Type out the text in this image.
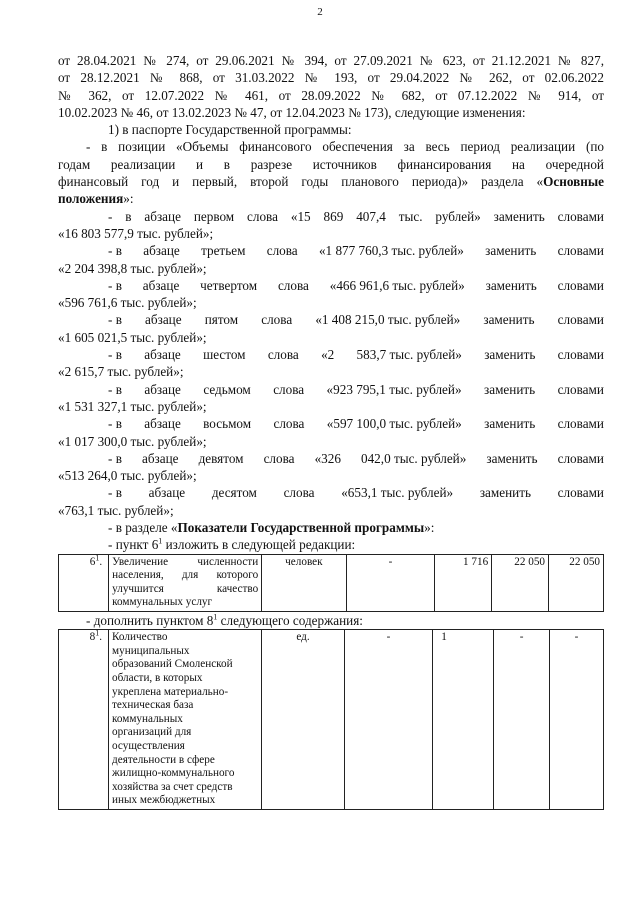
2
от 28.04.2021 № 274, от 29.06.2021 № 394, от 27.09.2021 № 623, от 21.12.2021 № 827,
от 28.12.2021 № 868, от 31.03.2022 № 193, от 29.04.2022 № 262, от 02.06.2022
№ 362, от 12.07.2022 № 461, от 28.09.2022 № 682, от 07.12.2022 № 914, от
10.02.2023 № 46, от 13.02.2023 № 47, от 12.04.2023 № 173), следующие изменения:
1) в паспорте Государственной программы:
- в позиции «Объемы финансового обеспечения за весь период реализации (по
годам реализации и в разрезе источников финансирования на очередной
финансовый год и первый, второй годы планового периода)» раздела «Основные
положения»:
- в абзаце первом слова «15 869 407,4 тыс. рублей» заменить словами
«16 803 577,9 тыс. рублей»;
- в абзаце третьем слова «1 877 760,3 тыс. рублей» заменить словами
«2 204 398,8 тыс. рублей»;
- в абзаце четвертом слова «466 961,6 тыс. рублей» заменить словами
«596 761,6 тыс. рублей»;
- в абзаце пятом слова «1 408 215,0 тыс. рублей» заменить словами
«1 605 021,5 тыс. рублей»;
- в абзаце шестом слова «2 583,7 тыс. рублей» заменить словами
«2 615,7 тыс. рублей»;
- в абзаце седьмом слова «923 795,1 тыс. рублей» заменить словами
«1 531 327,1 тыс. рублей»;
- в абзаце восьмом слова «597 100,0 тыс. рублей» заменить словами
«1 017 300,0 тыс. рублей»;
- в абзаце девятом слова «326 042,0 тыс. рублей» заменить словами
«513 264,0 тыс. рублей»;
- в абзаце десятом слова «653,1 тыс. рублей» заменить словами
«763,1 тыс. рублей»;
- в разделе «Показатели Государственной программы»:
- пункт $6^1$ изложить в следующей редакции:
$6^1$.	Увеличение численности населения, для которого улучшится качество коммунальных услуг	человек	-	1 716	22 050	22 050
- дополнить пунктом $8^1$ следующего содержания:
$8^1$.	Количество
муниципальных
образований Смоленской
области, в которых
укреплена материально-
техническая база
коммунальных
организаций для
осуществления
деятельности в сфере
жилищно-коммунального
хозяйства за счет средств
иных межбюджетных
	ед.	-	1	-	-
